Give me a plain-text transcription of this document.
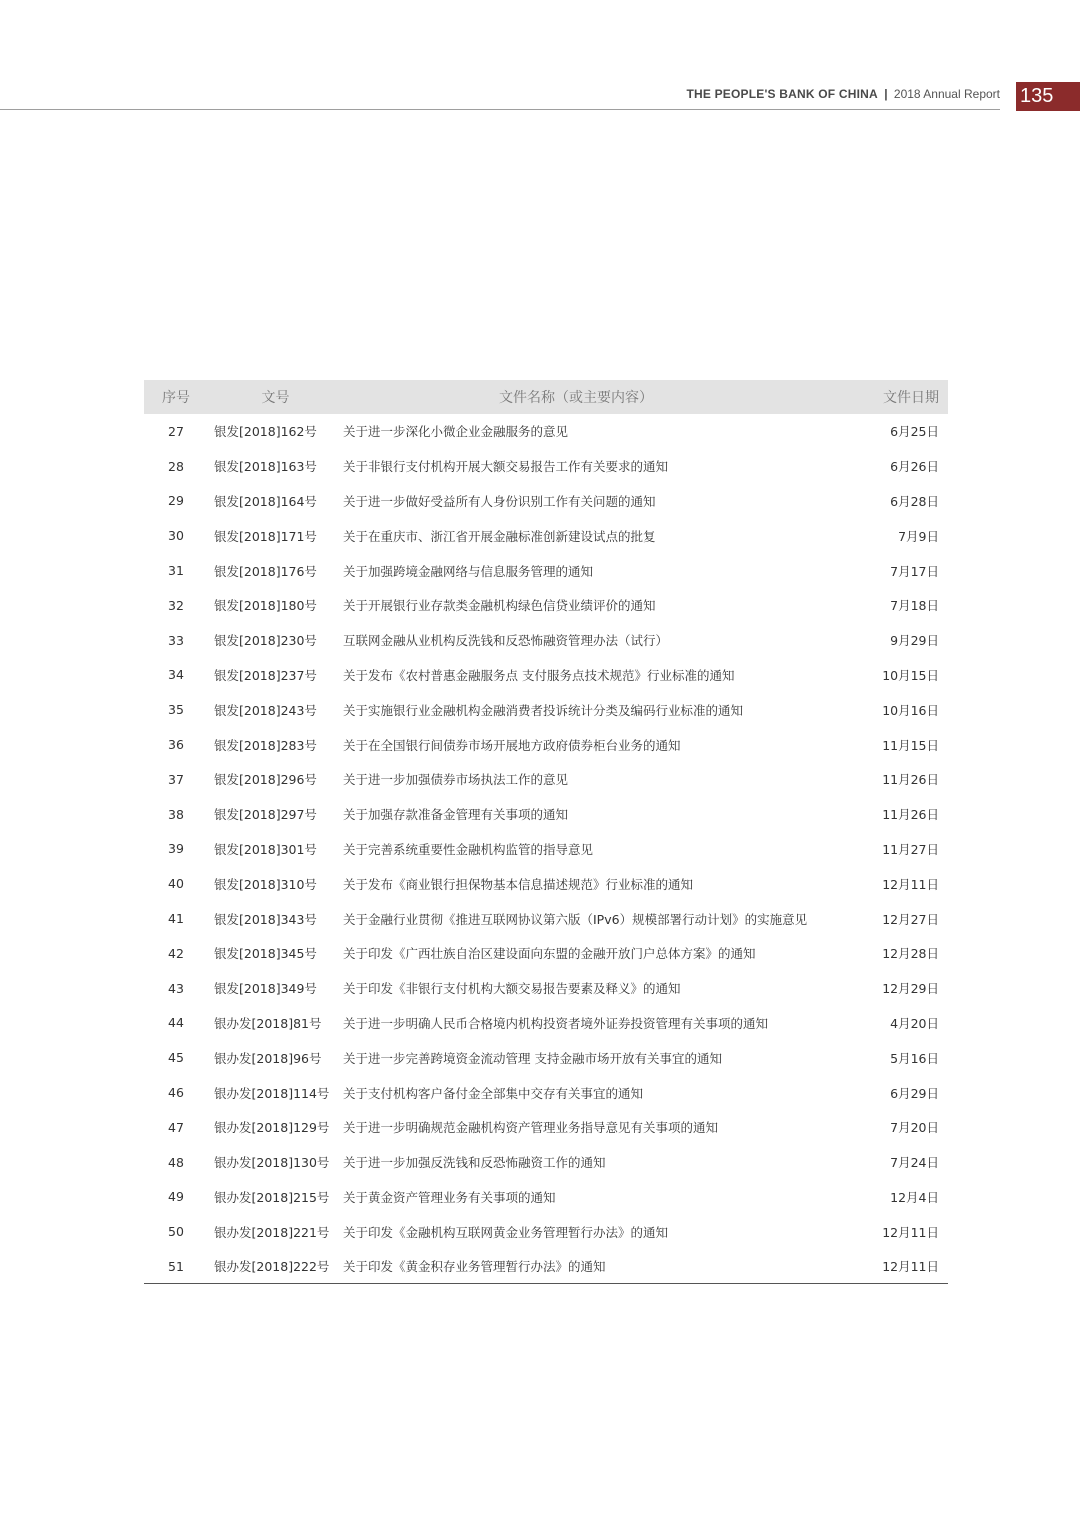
THE PEOPLE'S BANK OF CHINA | 2018 Annual Report 135
序号	文号	文件名称（或主要内容）	文件日期
27	银发[2018]162号	关于进一步深化小微企业金融服务的意见	6月25日
28	银发[2018]163号	关于非银行支付机构开展大额交易报告工作有关要求的通知	6月26日
29	银发[2018]164号	关于进一步做好受益所有人身份识别工作有关问题的通知	6月28日
30	银发[2018]171号	关于在重庆市、浙江省开展金融标准创新建设试点的批复	7月9日
31	银发[2018]176号	关于加强跨境金融网络与信息服务管理的通知	7月17日
32	银发[2018]180号	关于开展银行业存款类金融机构绿色信贷业绩评价的通知	7月18日
33	银发[2018]230号	互联网金融从业机构反洗钱和反恐怖融资管理办法（试行）	9月29日
34	银发[2018]237号	关于发布《农村普惠金融服务点 支付服务点技术规范》行业标准的通知	10月15日
35	银发[2018]243号	关于实施银行业金融机构金融消费者投诉统计分类及编码行业标准的通知	10月16日
36	银发[2018]283号	关于在全国银行间债券市场开展地方政府债券柜台业务的通知	11月15日
37	银发[2018]296号	关于进一步加强债券市场执法工作的意见	11月26日
38	银发[2018]297号	关于加强存款准备金管理有关事项的通知	11月26日
39	银发[2018]301号	关于完善系统重要性金融机构监管的指导意见	11月27日
40	银发[2018]310号	关于发布《商业银行担保物基本信息描述规范》行业标准的通知	12月11日
41	银发[2018]343号	关于金融行业贯彻《推进互联网协议第六版（IPv6）规模部署行动计划》的实施意见	12月27日
42	银发[2018]345号	关于印发《广西壮族自治区建设面向东盟的金融开放门户总体方案》的通知	12月28日
43	银发[2018]349号	关于印发《非银行支付机构大额交易报告要素及释义》的通知	12月29日
44	银办发[2018]81号	关于进一步明确人民币合格境内机构投资者境外证券投资管理有关事项的通知	4月20日
45	银办发[2018]96号	关于进一步完善跨境资金流动管理 支持金融市场开放有关事宜的通知	5月16日
46	银办发[2018]114号	关于支付机构客户备付金全部集中交存有关事宜的通知	6月29日
47	银办发[2018]129号	关于进一步明确规范金融机构资产管理业务指导意见有关事项的通知	7月20日
48	银办发[2018]130号	关于进一步加强反洗钱和反恐怖融资工作的通知	7月24日
49	银办发[2018]215号	关于黄金资产管理业务有关事项的通知	12月4日
50	银办发[2018]221号	关于印发《金融机构互联网黄金业务管理暂行办法》的通知	12月11日
51	银办发[2018]222号	关于印发《黄金积存业务管理暂行办法》的通知	12月11日
